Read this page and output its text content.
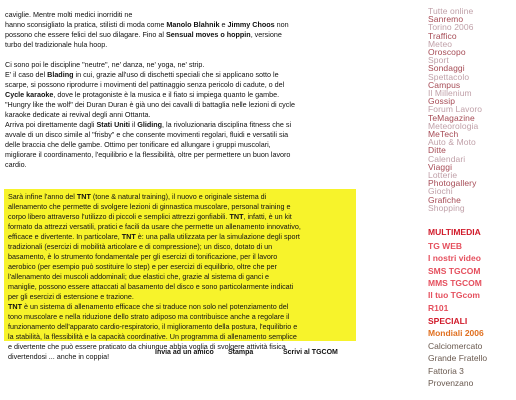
caviglie. Mentre molti medici inorriditi ne

hanno sconsigliato la pratica, stilisti di moda come Manolo Blahnik e Jimmy Choos non

possono che essere felici del suo dilagare. Fino al Sensual moves o hoppin, versione

turbo del tradizionale hula hoop.

Ci sono poi le discipline "neutre", ne' danza, ne' yoga, ne' strip.

E' il caso del Blading in cui, grazie all'uso di dischetti speciali che si applicano sotto le

scarpe, si possono riprodurre i movimenti del pattinaggio senza pericolo di cadute, o del

Cycle karaoke, dove le protagoniste è la musica e il fiato si impiega quanto le gambe.

"Hungry like the wolf" dei Duran Duran è già uno dei cavalli di battaglia nelle lezioni di cycle

karaoke dedicate ai revival degli anni Ottanta.

Arriva poi direttamente dagli Stati Uniti il Gliding, la rivoluzionaria disciplina fitness che si

avvale di un disco simile al "frisby" e che consente movimenti regolari, fluidi e versatili sia

delle braccia che delle gambe. Ottimo per tonificare ed allungare i gruppi muscolari,

migliorare il coordinamento, l'equilibrio e la flessibilità, oltre per permettere un buon lavoro

cardio.

Sarà infine l'anno del TNT (tone & natural training), il nuovo e originale sistema di

allenamento che permette di svolgere lezioni di ginnastica muscolare, personal training e

corpo libero attraverso l'utilizzo di piccoli e semplici attrezzi gonfiabili. TNT, infatti, è un kit

formato da attrezzi versatili, pratici e facili da usare che permette un allenamento innovativo,

efficace e divertente. In particolare, TNT è: una palla utilizzata per la simulazione degli sport

tradizionali (esercizi di mobilità articolare e di compressione); un disco, dotato di un

basamento, è lo strumento fondamentale per gli esercizi di tonificazione, per il lavoro

aerobico (per esempio può sostituire lo step) e per esercizi di equilibrio, oltre che per

l'allenamento dei muscoli addominali; due elastici che, grazie al sistema di ganci e

maniglie, possono essere attaccati al basamento del disco e sono particolarmente indicati

per gli esercizi di estensione e trazione.

TNT è un sistema di allenamento efficace che si traduce non solo nel potenziamento del

tono muscolare e nella riduzione dello strato adiposo ma contribuisce anche a regolare il

funzionamento dell'apparato cardio-respiratorio, il miglioramento della postura, l'equilibrio e

la stabilità, la flessibilità e la capacità coordinative. Un programma di allenamento semplice

e divertente che può essere praticato da chiunque abbia voglia di svolgere attività fisica

divertendosi ... anche in coppia!	Invia ad un amico Stampa	Scrivi al TGCOM
Tutte online
Sanremo
Torino 2006
Traffico
Meteo
Oroscopo
Sport
Sondaggi
Spettacolo
Campus
Il Millenium
Gossip
Forum Lavoro
TeMagazine
Meteorologia
MeTech
Auto & Moto
Ditte
Calendari
Viaggi
Lotterie
Photogallery
Giochi
Grafiche
Shopping
MULTIMEDIA
TG WEB
I nostri video
SMS TGCOM
MMS TGCOM
Il tuo TGcom
R101
SPECIALI
Mondiali 2006
Calciomercato
Grande Fratello
Fattoria 3
Provenzano
